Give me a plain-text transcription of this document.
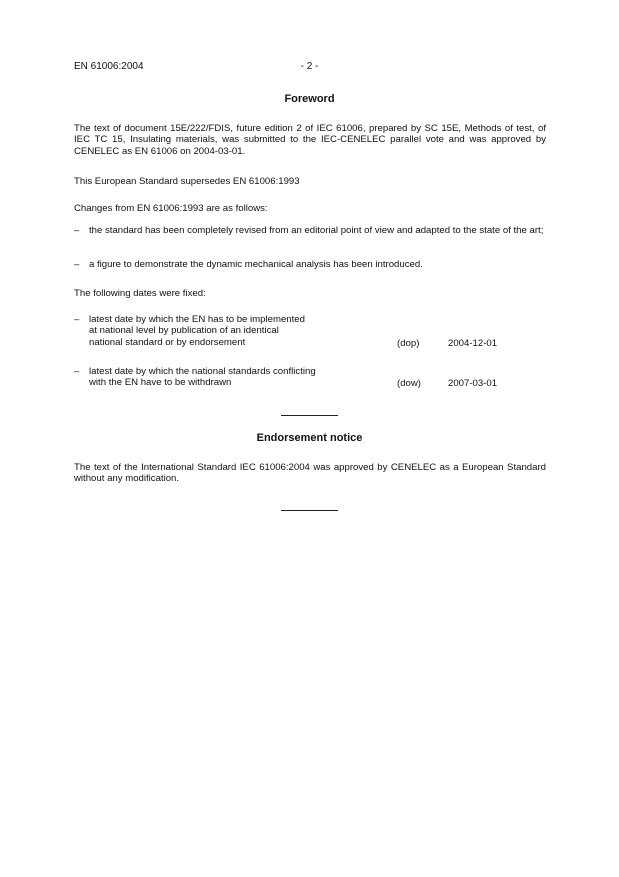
EN 61006:2004	- 2 -
Foreword
The text of document 15E/222/FDIS, future edition 2 of IEC 61006, prepared by SC 15E, Methods of test, of IEC TC 15, Insulating materials, was submitted to the IEC-CENELEC parallel vote and was approved by CENELEC as EN 61006 on 2004-03-01.
This European Standard supersedes EN 61006:1993
Changes from EN 61006:1993 are as follows:
– the standard has been completely revised from an editorial point of view and adapted to the state of the art;
– a figure to demonstrate the dynamic mechanical analysis has been introduced.
The following dates were fixed:
– latest date by which the EN has to be implemented
at national level by publication of an identical
national standard or by endorsement	(dop)	2004-12-01
– latest date by which the national standards conflicting
with the EN have to be withdrawn	(dow)	2007-03-01
Endorsement notice
The text of the International Standard IEC 61006:2004 was approved by CENELEC as a European Standard without any modification.
